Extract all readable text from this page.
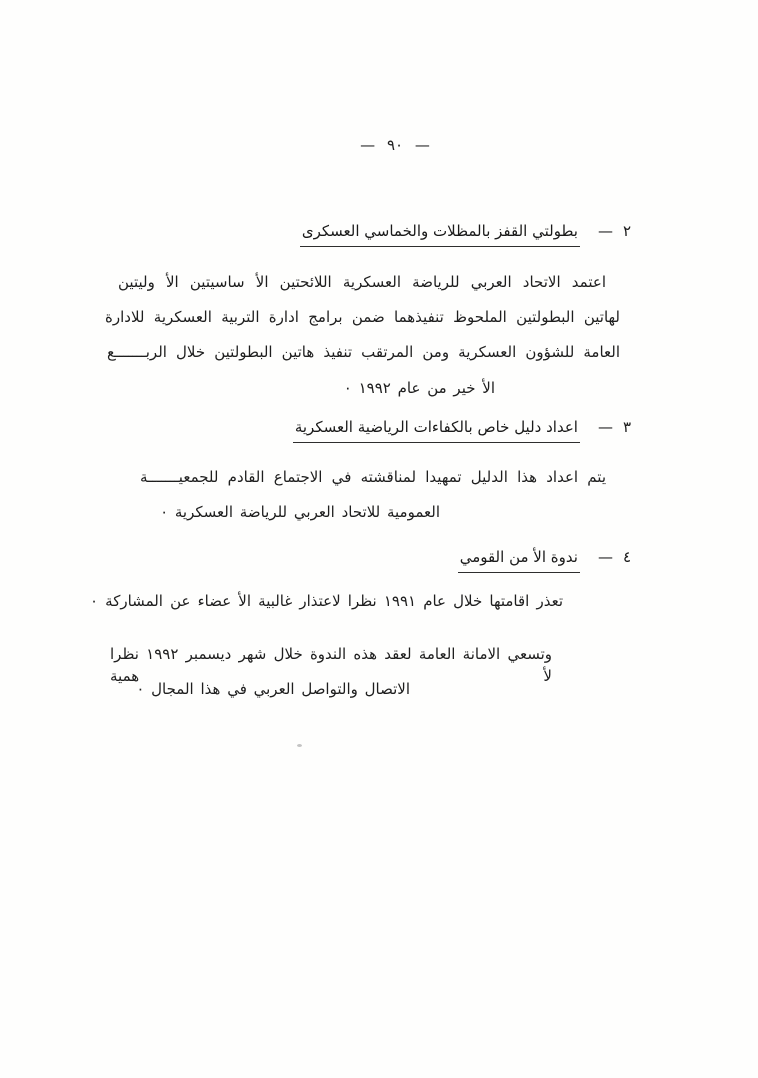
— ٩٠ —
٢
—
بطولتي القفز بالمظلات والخماسي العسكرى
اعتمد الاتحاد العربي للرياضة العسكرية اللائحتين الأ ساسيتين الأ وليتين
لهاتين البطولتين الملحوظ تنفيذهما ضمن برامج ادارة التربية العسكرية للادارة
العامة للشؤون العسكرية ومن المرتقب تنفيذ هاتين البطولتين خلال الربـــــــع
الأ خير من عام ١٩٩٢ ٠
٣
—
اعداد دليل خاص بالكفاءات الرياضية العسكرية
يتم اعداد هذا الدليل تمهيدا لمناقشته في الاجتماع القادم للجمعيـــــــة
العمومية للاتحاد العربي للرياضة العسكرية ٠
٤
—
ندوة الأ من القومي
تعذر اقامتها خلال عام ١٩٩١ نظرا لاعتذار غالبية الأ عضاء عن المشاركة ٠
وتسعي الامانة العامة لعقد هذه الندوة خلال شهر ديسمبر ١٩٩٢ نظرا لأ همية
الاتصال والتواصل العربي في هذا المجال ٠
